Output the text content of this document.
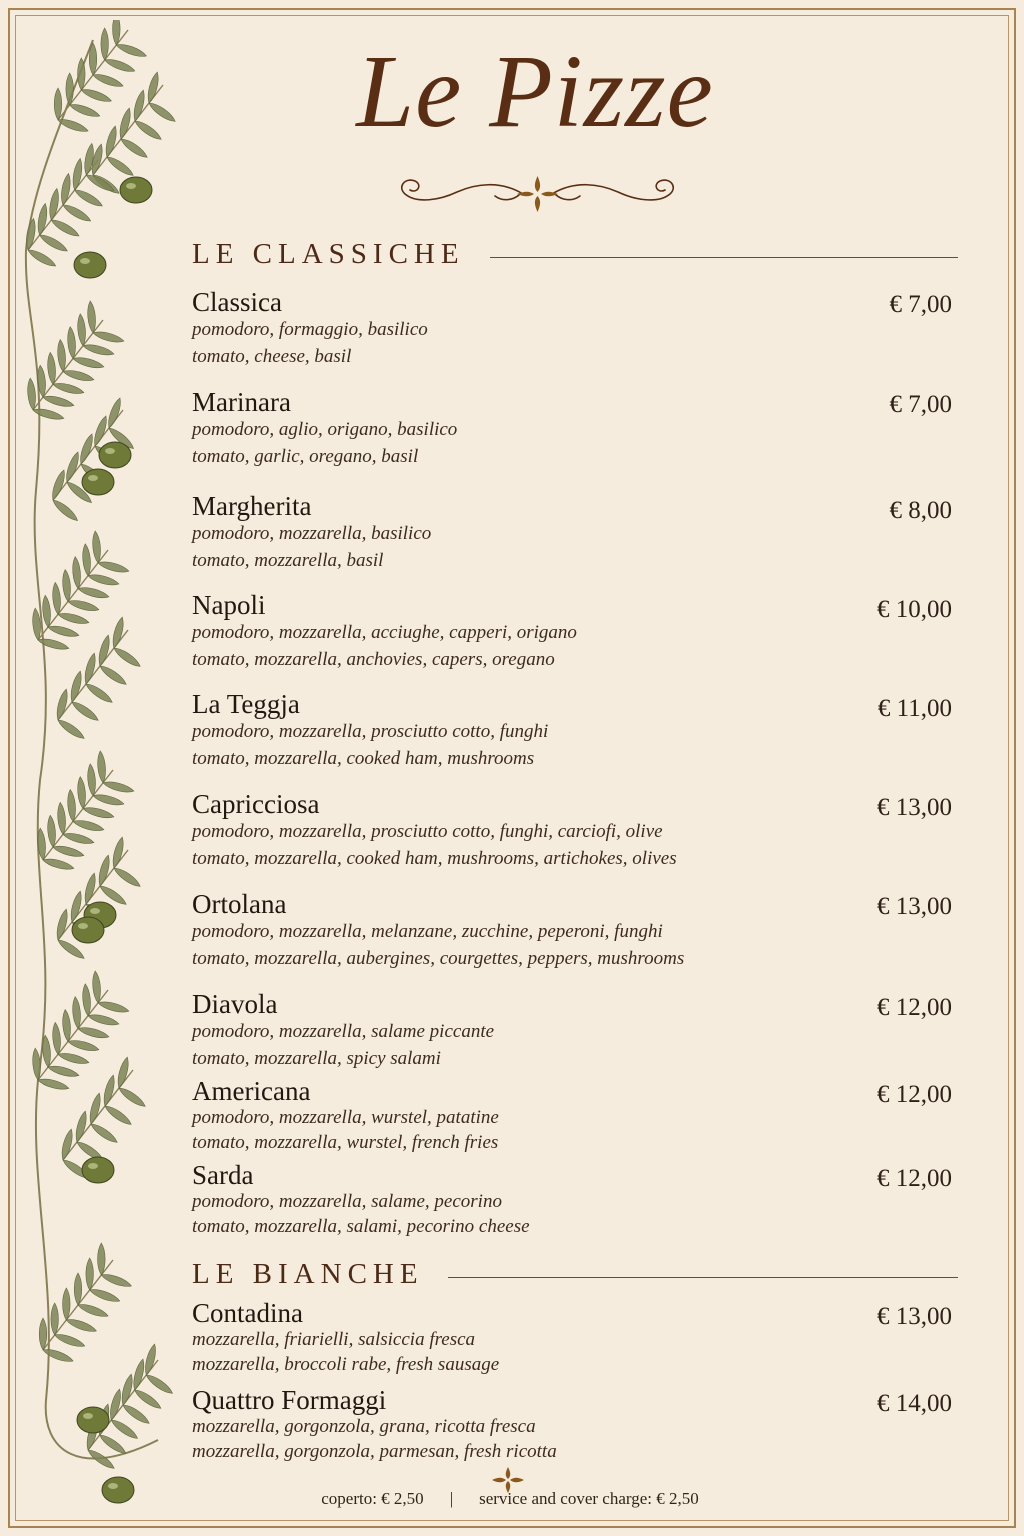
Le Pizze
LE CLASSICHE
Classica	€ 7,00
pomodoro, formaggio, basilico
tomato, cheese, basil
Marinara	€ 7,00
pomodoro, aglio, origano, basilico
tomato, garlic, oregano, basil
Margherita	€ 8,00
pomodoro, mozzarella, basilico
tomato, mozzarella, basil
Napoli	€ 10,00
pomodoro, mozzarella, acciughe, capperi, origano
tomato, mozzarella, anchovies, capers, oregano
La Teggja	€ 11,00
pomodoro, mozzarella, prosciutto cotto, funghi
tomato, mozzarella, cooked ham, mushrooms
Capricciosa	€ 13,00
pomodoro, mozzarella, prosciutto cotto, funghi, carciofi, olive
tomato, mozzarella, cooked ham, mushrooms, artichokes, olives
Ortolana	€ 13,00
pomodoro, mozzarella, melanzane, zucchine, peperoni, funghi
tomato, mozzarella, aubergines, courgettes, peppers, mushrooms
Diavola	€ 12,00
pomodoro, mozzarella, salame piccante
tomato, mozzarella, spicy salami
Americana	€ 12,00
pomodoro, mozzarella, wurstel, patatine
tomato, mozzarella, wurstel, french fries
Sarda	€ 12,00
pomodoro, mozzarella, salame, pecorino
tomato, mozzarella, salami, pecorino cheese
LE BIANCHE
Contadina	€ 13,00
mozzarella, friarielli, salsiccia fresca
mozzarella, broccoli rabe, fresh sausage
Quattro Formaggi	€ 14,00
mozzarella, gorgonzola, grana, ricotta fresca
mozzarella, gorgonzola, parmesan, fresh ricotta
coperto: € 2,50 | service and cover charge: € 2,50
